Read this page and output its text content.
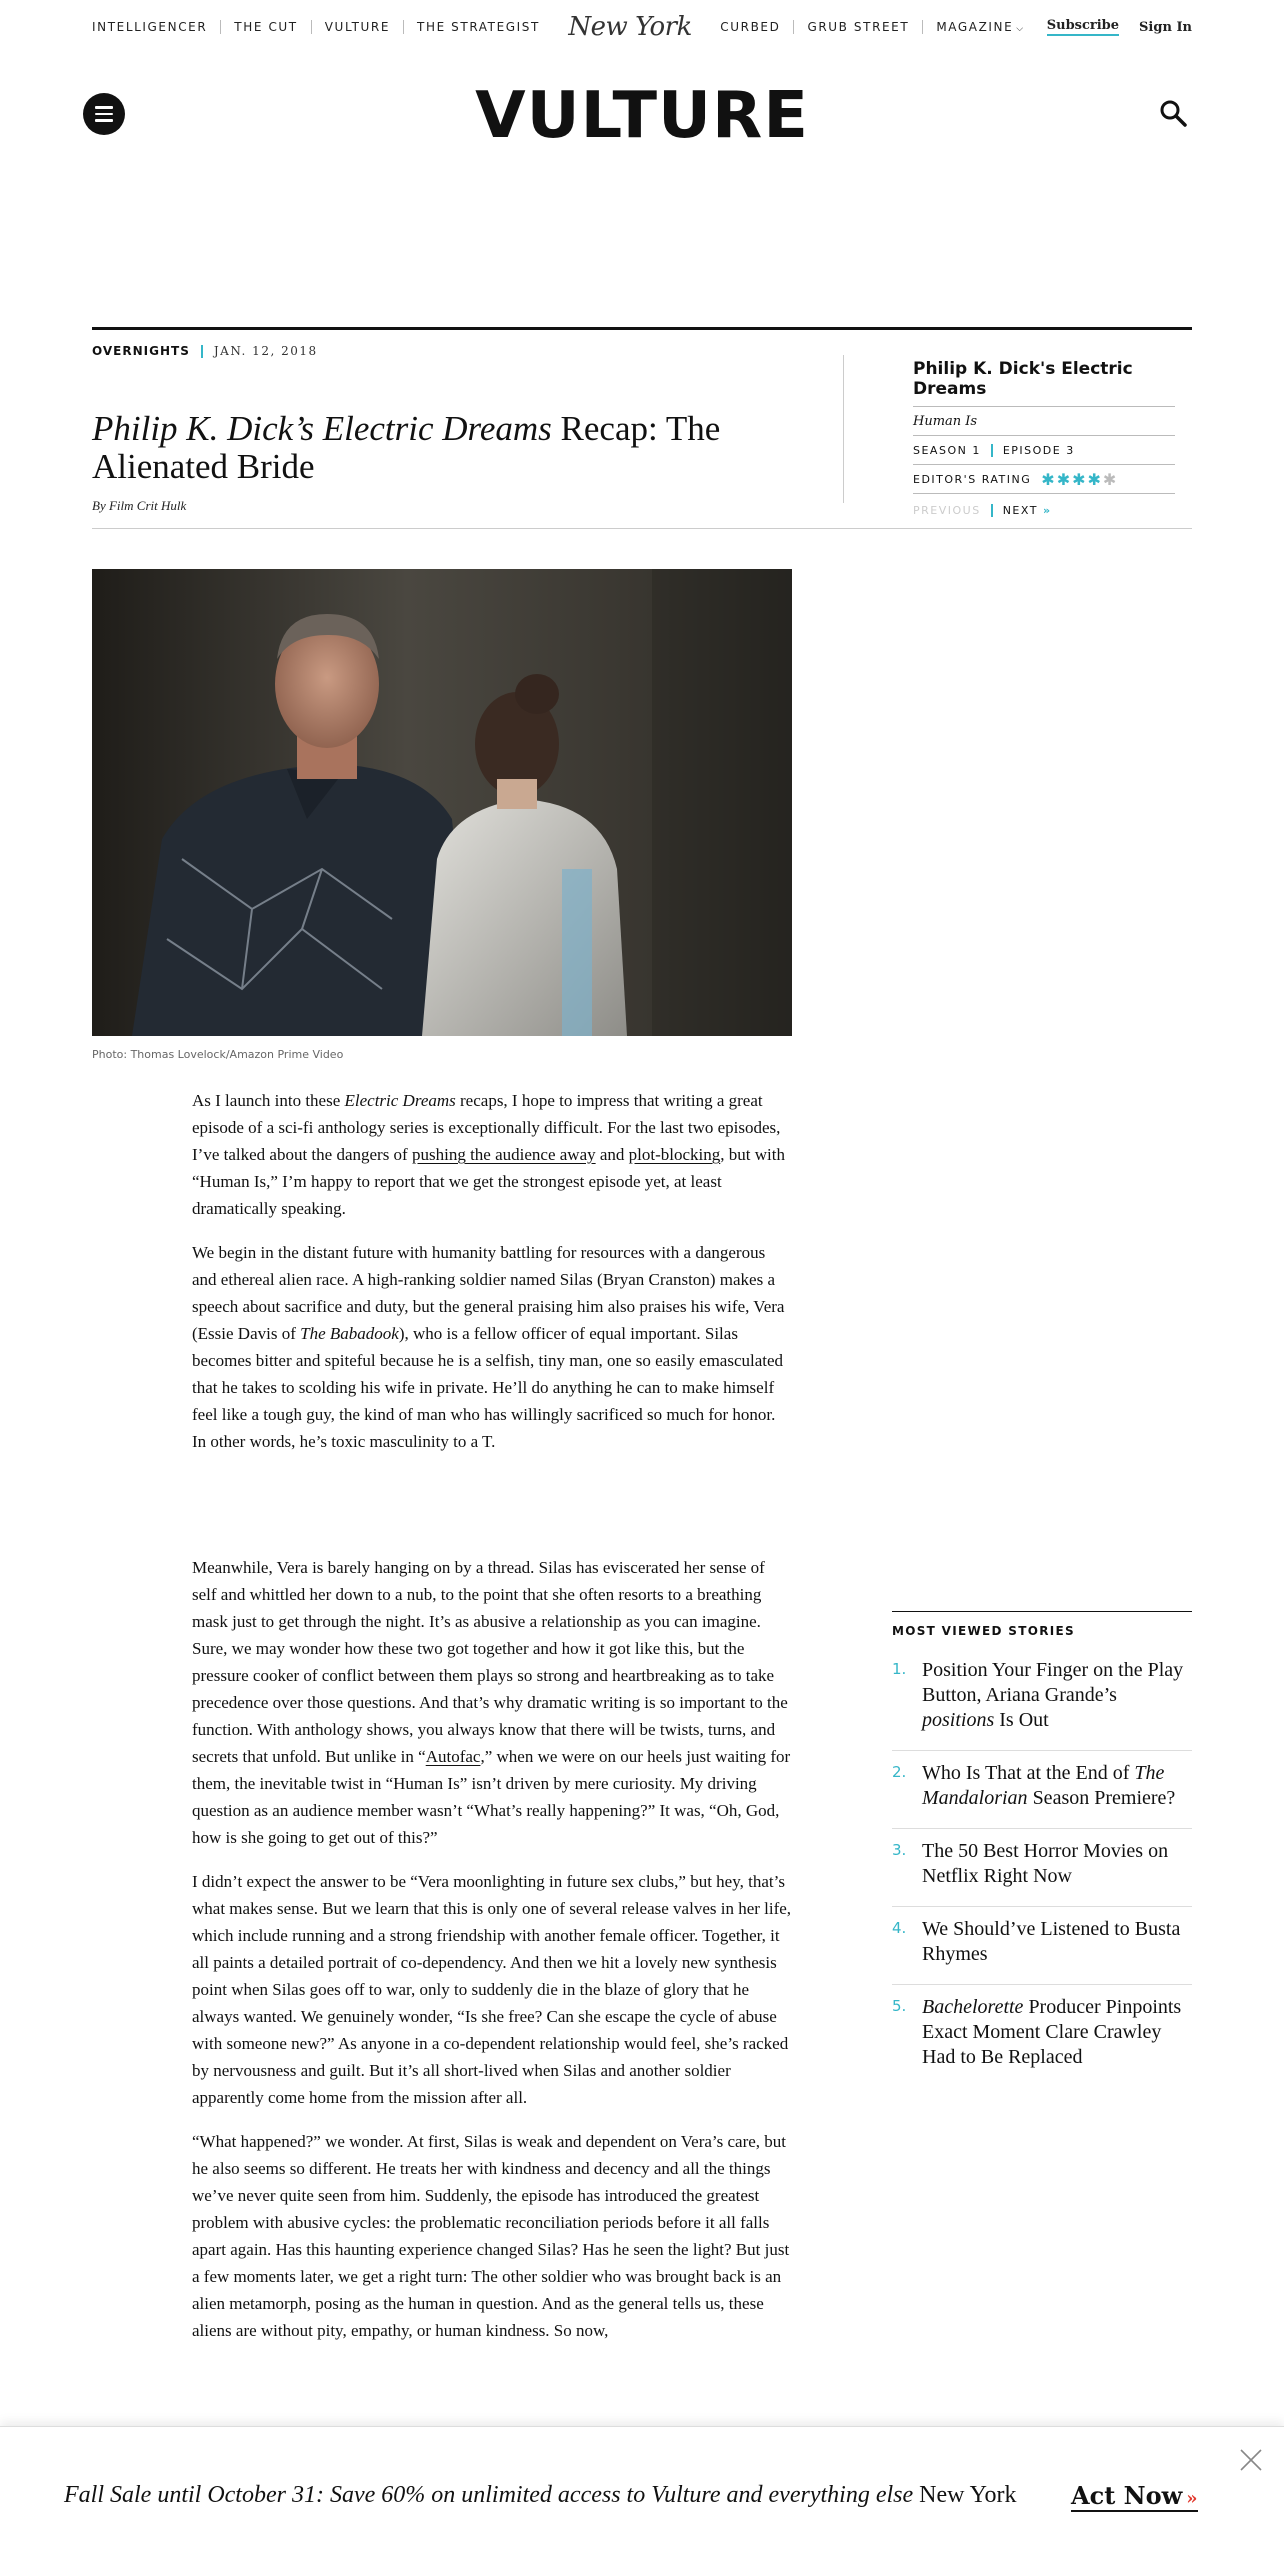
INTELLIGENCER THE CUT VULTURE THE STRATEGIST New York CURBED GRUB STREET MAGAZINE ⌵ Subscribe Sign In
VULTURE
OVERNIGHTS JAN. 12, 2018
Philip K. Dick’s Electric Dreams Recap: The Alienated Bride
By Film Crit Hulk
Philip K. Dick's Electric Dreams
Human Is
SEASON 1 EPISODE 3
EDITOR'S RATING ✱✱✱✱✱
PREVIOUS NEXT »
Photo: Thomas Lovelock/Amazon Prime Video

As I launch into these Electric Dreams recaps, I hope to impress that writing a great episode of a sci-fi anthology series is exceptionally difficult. For the last two episodes, I’ve talked about the dangers of pushing the audience away and plot-blocking, but with “Human Is,” I’m happy to report that we get the strongest episode yet, at least dramatically speaking.

We begin in the distant future with humanity battling for resources with a dangerous and ethereal alien race. A high-ranking soldier named Silas (Bryan Cranston) makes a speech about sacrifice and duty, but the general praising him also praises his wife, Vera (Essie Davis of The Babadook), who is a fellow officer of equal important. Silas becomes bitter and spiteful because he is a selfish, tiny man, one so easily emasculated that he takes to scolding his wife in private. He’ll do anything he can to make himself feel like a tough guy, the kind of man who has willingly sacrificed so much for honor. In other words, he’s toxic masculinity to a T.

Meanwhile, Vera is barely hanging on by a thread. Silas has eviscerated her sense of self and whittled her down to a nub, to the point that she often resorts to a breathing mask just to get through the night. It’s as abusive a relationship as you can imagine. Sure, we may wonder how these two got together and how it got like this, but the pressure cooker of conflict between them plays so strong and heartbreaking as to take precedence over those questions. And that’s why dramatic writing is so important to the function. With anthology shows, you always know that there will be twists, turns, and secrets that unfold. But unlike in “Autofac,” when we were on our heels just waiting for them, the inevitable twist in “Human Is” isn’t driven by mere curiosity. My driving question as an audience member wasn’t “What’s really happening?” It was, “Oh, God, how is she going to get out of this?”

I didn’t expect the answer to be “Vera moonlighting in future sex clubs,” but hey, that’s what makes sense. But we learn that this is only one of several release valves in her life, which include running and a strong friendship with another female officer. Together, it all paints a detailed portrait of co-dependency. And then we hit a lovely new synthesis point when Silas goes off to war, only to suddenly die in the blaze of glory that he always wanted. We genuinely wonder, “Is she free? Can she escape the cycle of abuse with someone new?” As anyone in a co-dependent relationship would feel, she’s racked by nervousness and guilt. But it’s all short-lived when Silas and another soldier apparently come home from the mission after all.

“What happened?” we wonder. At first, Silas is weak and dependent on Vera’s care, but he also seems so different. He treats her with kindness and decency and all the things we’ve never quite seen from him. Suddenly, the episode has introduced the greatest problem with abusive cycles: the problematic reconciliation periods before it all falls apart again. Has this haunting experience changed Silas? Has he seen the light? But just a few moments later, we get a right turn: The other soldier who was brought back is an alien metamorph, posing as the human in question. And as the general tells us, these aliens are without pity, empathy, or human kindness. So now,

MOST VIEWED STORIES
1. Position Your Finger on the Play Button, Ariana Grande’s positions Is Out
2. Who Is That at the End of The Mandalorian Season Premiere?
3. The 50 Best Horror Movies on Netflix Right Now
4. We Should’ve Listened to Busta Rhymes
5. Bachelorette Producer Pinpoints Exact Moment Clare Crawley Had to Be Replaced
Fall Sale until October 31: Save 60% on unlimited access to Vulture and everything else New York Act Now »
